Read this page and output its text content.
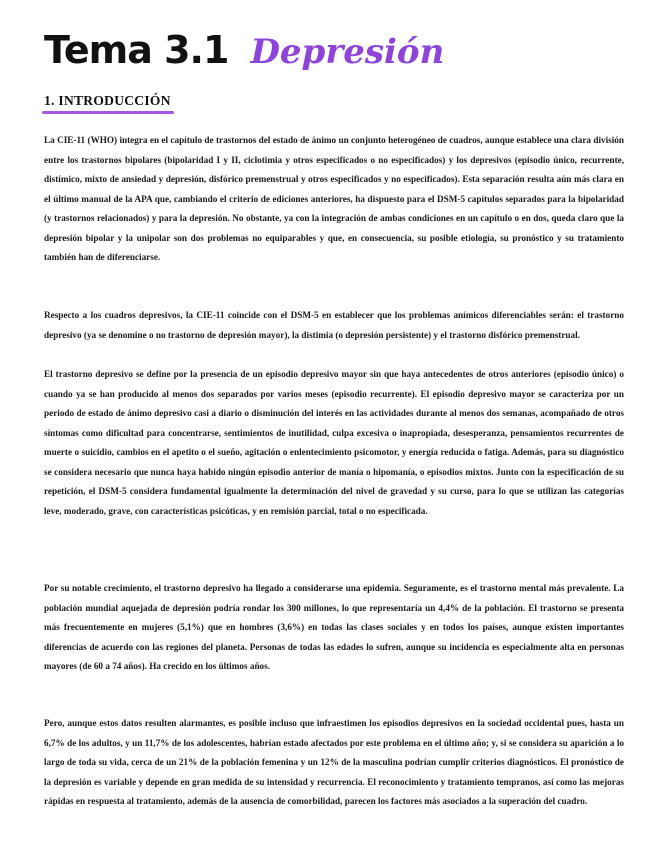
Tema 3.1 Depresión
1. INTRODUCCIÓN

La CIE-11 (WHO) integra en el capítulo de trastornos del estado de ánimo un conjunto heterogéneo de cuadros, aunque establece una clara división entre los trastornos bipolares (bipolaridad I y II, ciclotimia y otros especificados o no especificados) y los depresivos (episodio único, recurrente, distímico, mixto de ansiedad y depresión, disfórico premenstrual y otros especificados y no especificados). Esta separación resulta aún más clara en el último manual de la APA que, cambiando el criterio de ediciones anteriores, ha dispuesto para el DSM-5 capítulos separados para la bipolaridad (y trastornos relacionados) y para la depresión. No obstante, ya con la integración de ambas condiciones en un capítulo o en dos, queda claro que la depresión bipolar y la unipolar son dos problemas no equiparables y que, en consecuencia, su posible etiología, su pronóstico y su tratamiento también han de diferenciarse.

Respecto a los cuadros depresivos, la CIE-11 coincide con el DSM-5 en establecer que los problemas anímicos diferenciables serán: el trastorno depresivo (ya se denomine o no trastorno de depresión mayor), la distimia (o depresión persistente) y el trastorno disfórico premenstrual.

El trastorno depresivo se define por la presencia de un episodio depresivo mayor sin que haya antecedentes de otros anteriores (episodio único) o cuando ya se han producido al menos dos separados por varios meses (episodio recurrente). El episodio depresivo mayor se caracteriza por un periodo de estado de ánimo depresivo casi a diario o disminución del interés en las actividades durante al menos dos semanas, acompañado de otros síntomas como dificultad para concentrarse, sentimientos de inutilidad, culpa excesiva o inapropiada, desesperanza, pensamientos recurrentes de muerte o suicidio, cambios en el apetito o el sueño, agitación o enlentecimiento psicomotor, y energía reducida o fatiga. Además, para su diagnóstico se considera necesario que nunca haya habido ningún episodio anterior de manía o hipomanía, o episodios mixtos. Junto con la especificación de su repetición, el DSM-5 considera fundamental igualmente la determinación del nivel de gravedad y su curso, para lo que se utilizan las categorías leve, moderado, grave, con características psicóticas, y en remisión parcial, total o no especificada.

Por su notable crecimiento, el trastorno depresivo ha llegado a considerarse una epidemia. Seguramente, es el trastorno mental más prevalente. La población mundial aquejada de depresión podría rondar los 300 millones, lo que representaría un 4,4% de la población. El trastorno se presenta más frecuentemente en mujeres (5,1%) que en hombres (3,6%) en todas las clases sociales y en todos los países, aunque existen importantes diferencias de acuerdo con las regiones del planeta. Personas de todas las edades lo sufren, aunque su incidencia es especialmente alta en personas mayores (de 60 a 74 años). Ha crecido en los últimos años.

Pero, aunque estos datos resulten alarmantes, es posible incluso que infraestimen los episodios depresivos en la sociedad occidental pues, hasta un 6,7% de los adultos, y un 11,7% de los adolescentes, habrían estado afectados por este problema en el último año; y, si se considera su aparición a lo largo de toda su vida, cerca de un 21% de la población femenina y un 12% de la masculina podrían cumplir criterios diagnósticos. El pronóstico de la depresión es variable y depende en gran medida de su intensidad y recurrencia. El reconocimiento y tratamiento tempranos, así como las mejoras rápidas en respuesta al tratamiento, además de la ausencia de comorbilidad, parecen los factores más asociados a la superación del cuadro.
